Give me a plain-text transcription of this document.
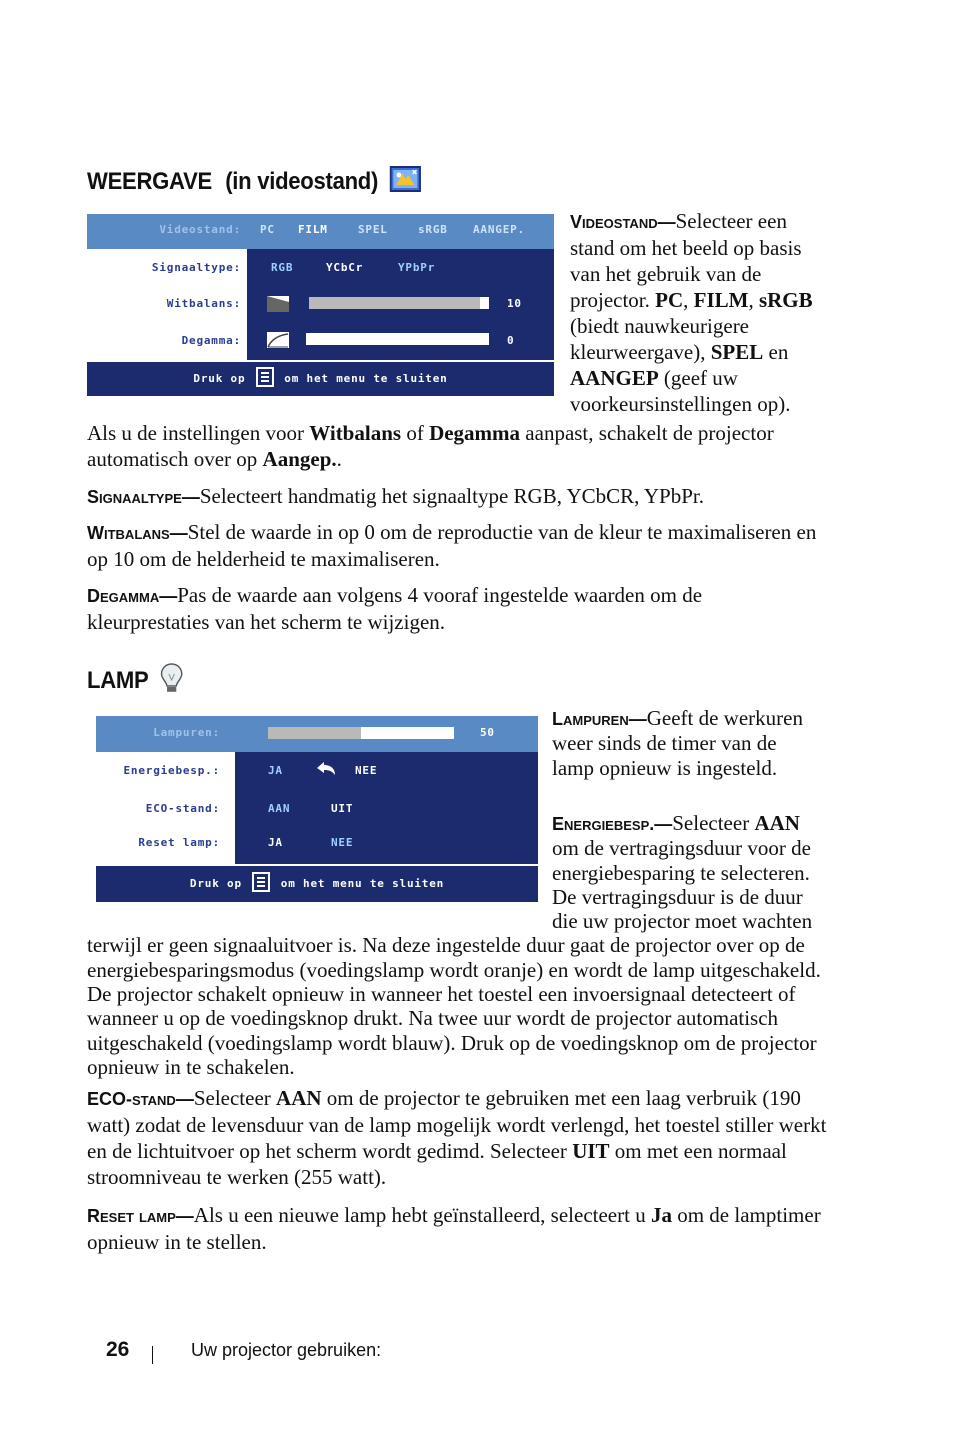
WEERGAVE (in videostand)
Videostand: PC FILM	SPEL	sRGB AANGEP.
Signaaltype:	RGB	YCbCr	YPbPr
Witbalans:	10
Degamma:	0
Druk op	om het menu te sluiten
Videostand—Selecteer een stand om het beeld op basis van het gebruik van de projector. PC, FILM, sRGB (biedt nauwkeurigere kleurweergave), SPEL en AANGEP (geef uw voorkeursinstellingen op).
Als u de instellingen voor Witbalans of Degamma aanpast, schakelt de projector automatisch over op Aangep..
Signaaltype—Selecteert handmatig het signaaltype RGB, YCbCR, YPbPr.
Witbalans—Stel de waarde in op 0 om de reproductie van de kleur te maximaliseren en op 10 om de helderheid te maximaliseren.
Degamma—Pas de waarde aan volgens 4 vooraf ingestelde waarden om de kleurprestaties van het scherm te wijzigen.
LAMP
Lampuren:	50
Energiebesp.:	JA	NEE
ECO-stand:	AAN	UIT
Reset lamp:	JA	NEE
Druk op	om het menu te sluiten
Lampuren—Geeft de werkuren weer sinds de timer van de lamp opnieuw is ingesteld.
Energiebesp.—Selecteer AAN om de vertragingsduur voor de energiebesparing te selecteren. De vertragingsduur is de duur die uw projector moet wachten terwijl er geen signaaluitvoer is. Na deze ingestelde duur gaat de projector over op de energiebesparingsmodus (voedingslamp wordt oranje) en wordt de lamp uitgeschakeld. De projector schakelt opnieuw in wanneer het toestel een invoersignaal detecteert of wanneer u op de voedingsknop drukt. Na twee uur wordt de projector automatisch uitgeschakeld (voedingslamp wordt blauw). Druk op de voedingsknop om de projector opnieuw in te schakelen.
ECO-stand—Selecteer AAN om de projector te gebruiken met een laag verbruik (190 watt) zodat de levensduur van de lamp mogelijk wordt verlengd, het toestel stiller werkt en de lichtuitvoer op het scherm wordt gedimd. Selecteer UIT om met een normaal stroomniveau te werken (255 watt).
Reset lamp—Als u een nieuwe lamp hebt geïnstalleerd, selecteert u Ja om de lamptimer opnieuw in te stellen.
26	Uw projector gebruiken:
